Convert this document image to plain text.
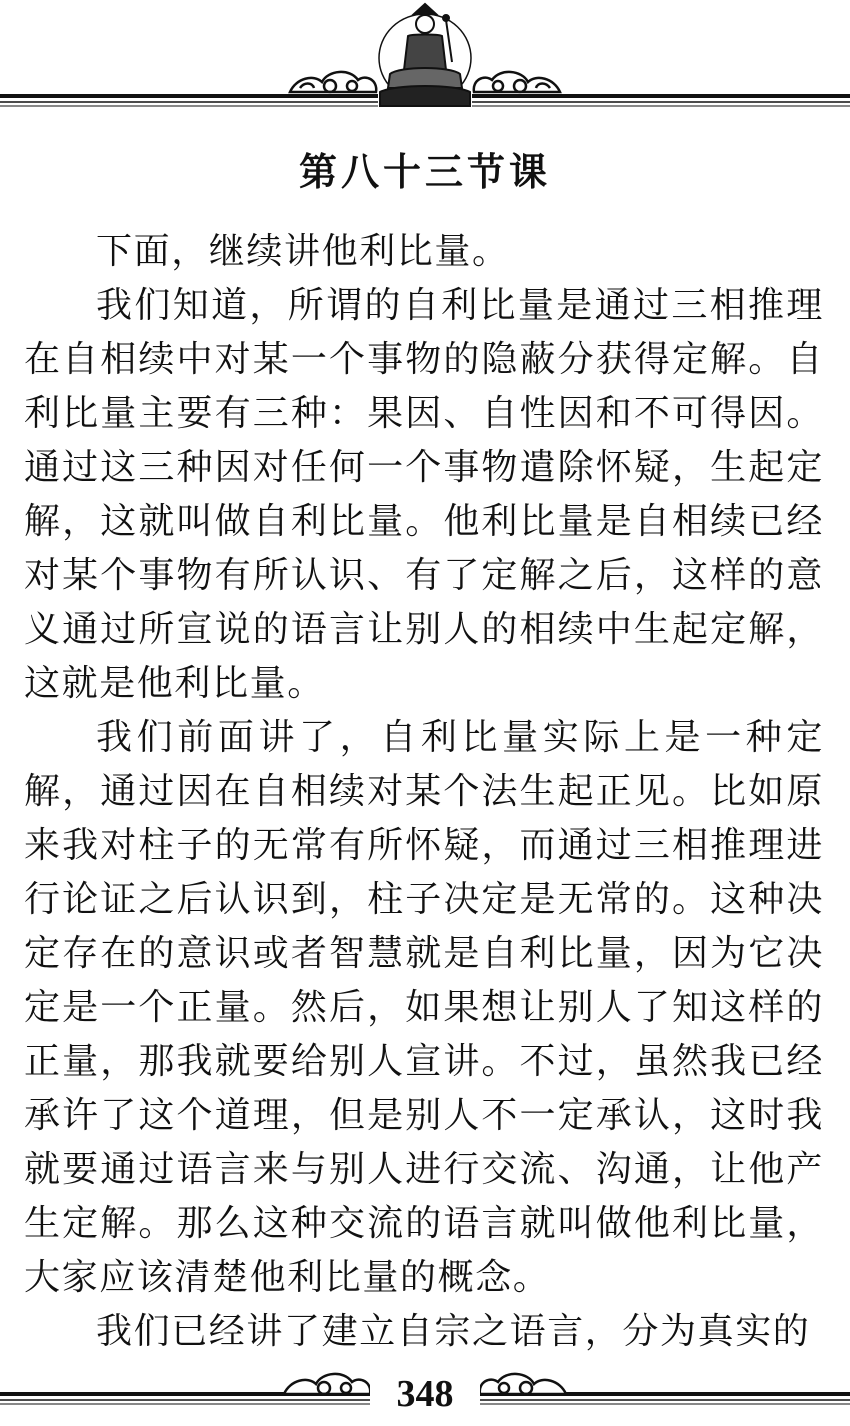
第八十三节课

下面，继续讲他利比量。

我们知道，所谓的自利比量是通过三相推理在自相续中对某一个事物的隐蔽分获得定解。自利比量主要有三种：果因、自性因和不可得因。通过这三种因对任何一个事物遣除怀疑，生起定解，这就叫做自利比量。他利比量是自相续已经对某个事物有所认识、有了定解之后，这样的意义通过所宣说的语言让别人的相续中生起定解，这就是他利比量。

我们前面讲了，自利比量实际上是一种定解，通过因在自相续对某个法生起正见。比如原来我对柱子的无常有所怀疑，而通过三相推理进行论证之后认识到，柱子决定是无常的。这种决定存在的意识或者智慧就是自利比量，因为它决定是一个正量。然后，如果想让别人了知这样的正量，那我就要给别人宣讲。不过，虽然我已经承许了这个道理，但是别人不一定承认，这时我就要通过语言来与别人进行交流、沟通，让他产生定解。那么这种交流的语言就叫做他利比量，大家应该清楚他利比量的概念。

我们已经讲了建立自宗之语言，分为真实的

348
